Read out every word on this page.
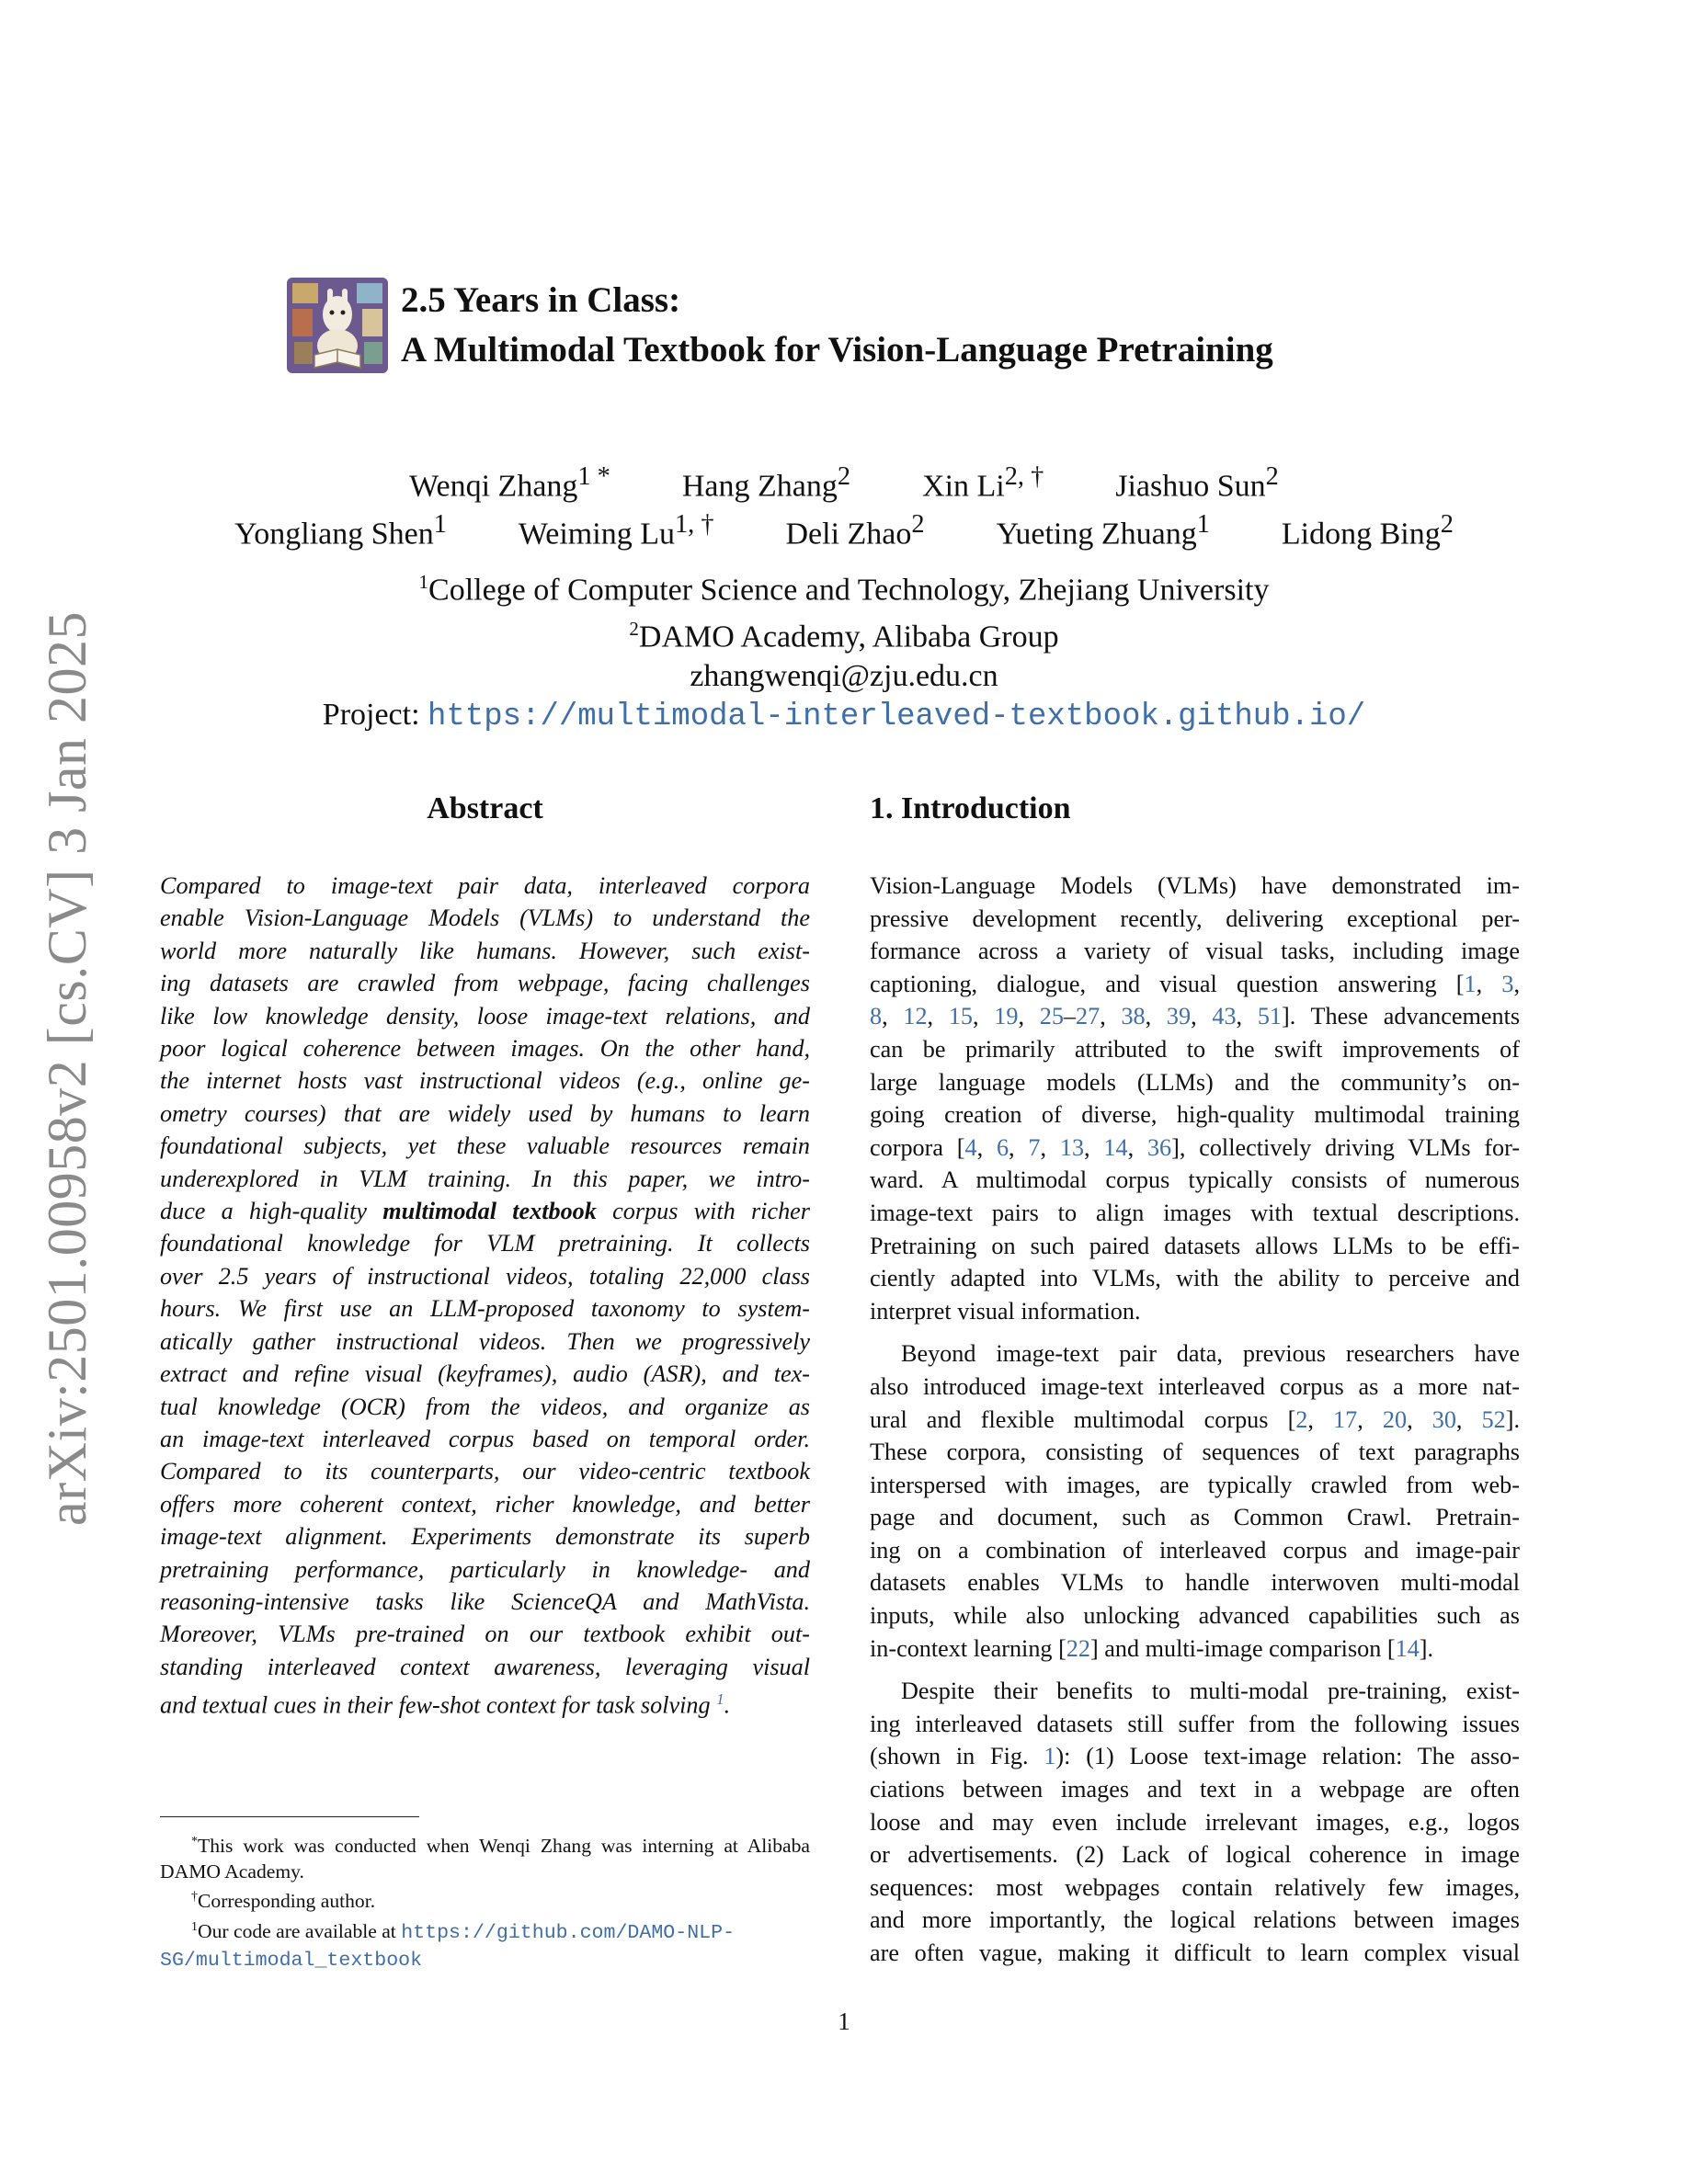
arXiv:2501.00958v2 [cs.CV] 3 Jan 2025
2.5 Years in Class:
A Multimodal Textbook for Vision-Language Pretraining
Wenqi Zhang$^{1 *}$ Hang Zhang$^2$ Xin $Li^{2, \dagger}$ Jiashuo Sun$^2$
Yongliang Shen$^1$ Weiming $Lu^{1, \dagger}$ Deli Zhao$^2$ Yueting Zhuang$^1$ Lidong Bing$^2$
$^1$College of Computer Science and Technology, Zhejiang University
$^2$DAMO Academy, Alibaba Group
zhangwenqi@zju.edu.cn
Project: https://multimodal-interleaved-textbook.github.io/
Abstract
Compared to image-text pair data, interleaved corpora
enable Vision-Language Models (VLMs) to understand the
world more naturally like humans. However, such exist-
ing datasets are crawled from webpage, facing challenges
like low knowledge density, loose image-text relations, and
poor logical coherence between images. On the other hand,
the internet hosts vast instructional videos (e.g., online ge-
ometry courses) that are widely used by humans to learn
foundational subjects, yet these valuable resources remain
underexplored in VLM training. In this paper, we intro-
duce a high-quality multimodal textbook corpus with richer
foundational knowledge for VLM pretraining. It collects
over 2.5 years of instructional videos, totaling 22,000 class
hours. We first use an LLM-proposed taxonomy to system-
atically gather instructional videos. Then we progressively
extract and refine visual (keyframes), audio (ASR), and tex-
tual knowledge (OCR) from the videos, and organize as
an image-text interleaved corpus based on temporal order.
Compared to its counterparts, our video-centric textbook
offers more coherent context, richer knowledge, and better
image-text alignment. Experiments demonstrate its superb
pretraining performance, particularly in knowledge- and
reasoning-intensive tasks like ScienceQA and MathVista.
Moreover, VLMs pre-trained on our textbook exhibit out-
standing interleaved context awareness, leveraging visual
and textual cues in their few-shot context for task solving $^1$.
1. Introduction

Vision-Language Models (VLMs) have demonstrated im-
pressive development recently, delivering exceptional per-
formance across a variety of visual tasks, including image
captioning, dialogue, and visual question answering [1, 3,
8, 12, 15, 19, 25–27, 38, 39, 43, 51]. These advancements
can be primarily attributed to the swift improvements of
large language models (LLMs) and the community’s on-
going creation of diverse, high-quality multimodal training
corpora [4, 6, 7, 13, 14, 36], collectively driving VLMs for-
ward. A multimodal corpus typically consists of numerous
image-text pairs to align images with textual descriptions.
Pretraining on such paired datasets allows LLMs to be effi-
ciently adapted into VLMs, with the ability to perceive and
interpret visual information.

Beyond image-text pair data, previous researchers have
also introduced image-text interleaved corpus as a more nat-
ural and flexible multimodal corpus [2, 17, 20, 30, 52].
These corpora, consisting of sequences of text paragraphs
interspersed with images, are typically crawled from web-
page and document, such as Common Crawl. Pretrain-
ing on a combination of interleaved corpus and image-pair
datasets enables VLMs to handle interwoven multi-modal
inputs, while also unlocking advanced capabilities such as
in-context learning [22] and multi-image comparison [14].

Despite their benefits to multi-modal pre-training, exist-
ing interleaved datasets still suffer from the following issues
(shown in Fig. 1): (1) Loose text-image relation: The asso-
ciations between images and text in a webpage are often
loose and may even include irrelevant images, e.g., logos
or advertisements. (2) Lack of logical coherence in image
sequences: most webpages contain relatively few images,
and more importantly, the logical relations between images
are often vague, making it difficult to learn complex visual

*This work was conducted when Wenqi Zhang was interning at Alibaba DAMO Academy.

†Corresponding author.

$^1$Our code are available at https://github.com/DAMO-NLP-
SG/multimodal_textbook

1
